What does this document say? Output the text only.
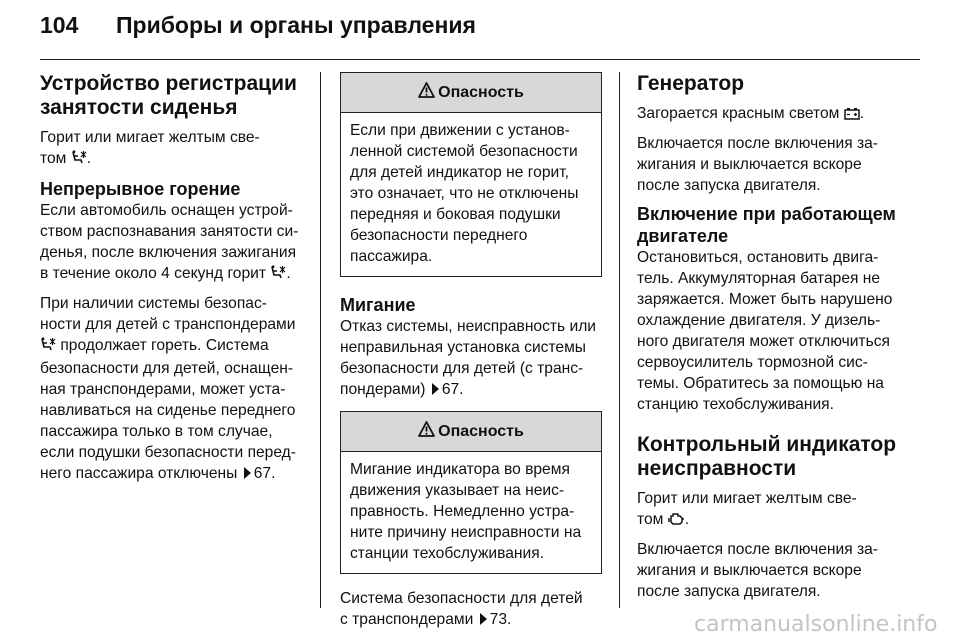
104	Приборы и органы управления
Устройство регистрации
занятости сиденья

Горит или мигает желтым све-
том .

Непрерывное горение

Если автомобиль оснащен устрой-
ством распознавания занятости си-
денья, после включения зажигания
в течение около 4 секунд горит .

При наличии системы безопас-
ности для детей с транспондерами
продолжает гореть. Система
безопасности для детей, оснащен-
ная транспондерами, может уста-
навливаться на сиденье переднего
пассажира только в том случае,
если подушки безопасности перед-
него пассажира отключены 67.

Опасность

Если при движении с установ-
ленной системой безопасности
для детей индикатор не горит,
это означает, что не отключены
передняя и боковая подушки
безопасности переднего
пассажира.

Мигание

Отказ системы, неисправность или
неправильная установка системы
безопасности для детей (с транс-
пондерами) 67.

Опасность

Мигание индикатора во время
движения указывает на неис-
правность. Немедленно устра-
ните причину неисправности на
станции техобслуживания.

Система безопасности для детей
с транспондерами 73.

Генератор

Загорается красным светом .

Включается после включения за-
жигания и выключается вскоре
после запуска двигателя.

Включение при работающем
двигателе

Остановиться, остановить двига-
тель. Аккумуляторная батарея не
заряжается. Может быть нарушено
охлаждение двигателя. У дизель-
ного двигателя может отключиться
сервоусилитель тормозной сис-
темы. Обратитесь за помощью на
станцию техобслуживания.

Контрольный индикатор
неисправности

Горит или мигает желтым све-
том .

Включается после включения за-
жигания и выключается вскоре
после запуска двигателя.

carmanualsonline.info
